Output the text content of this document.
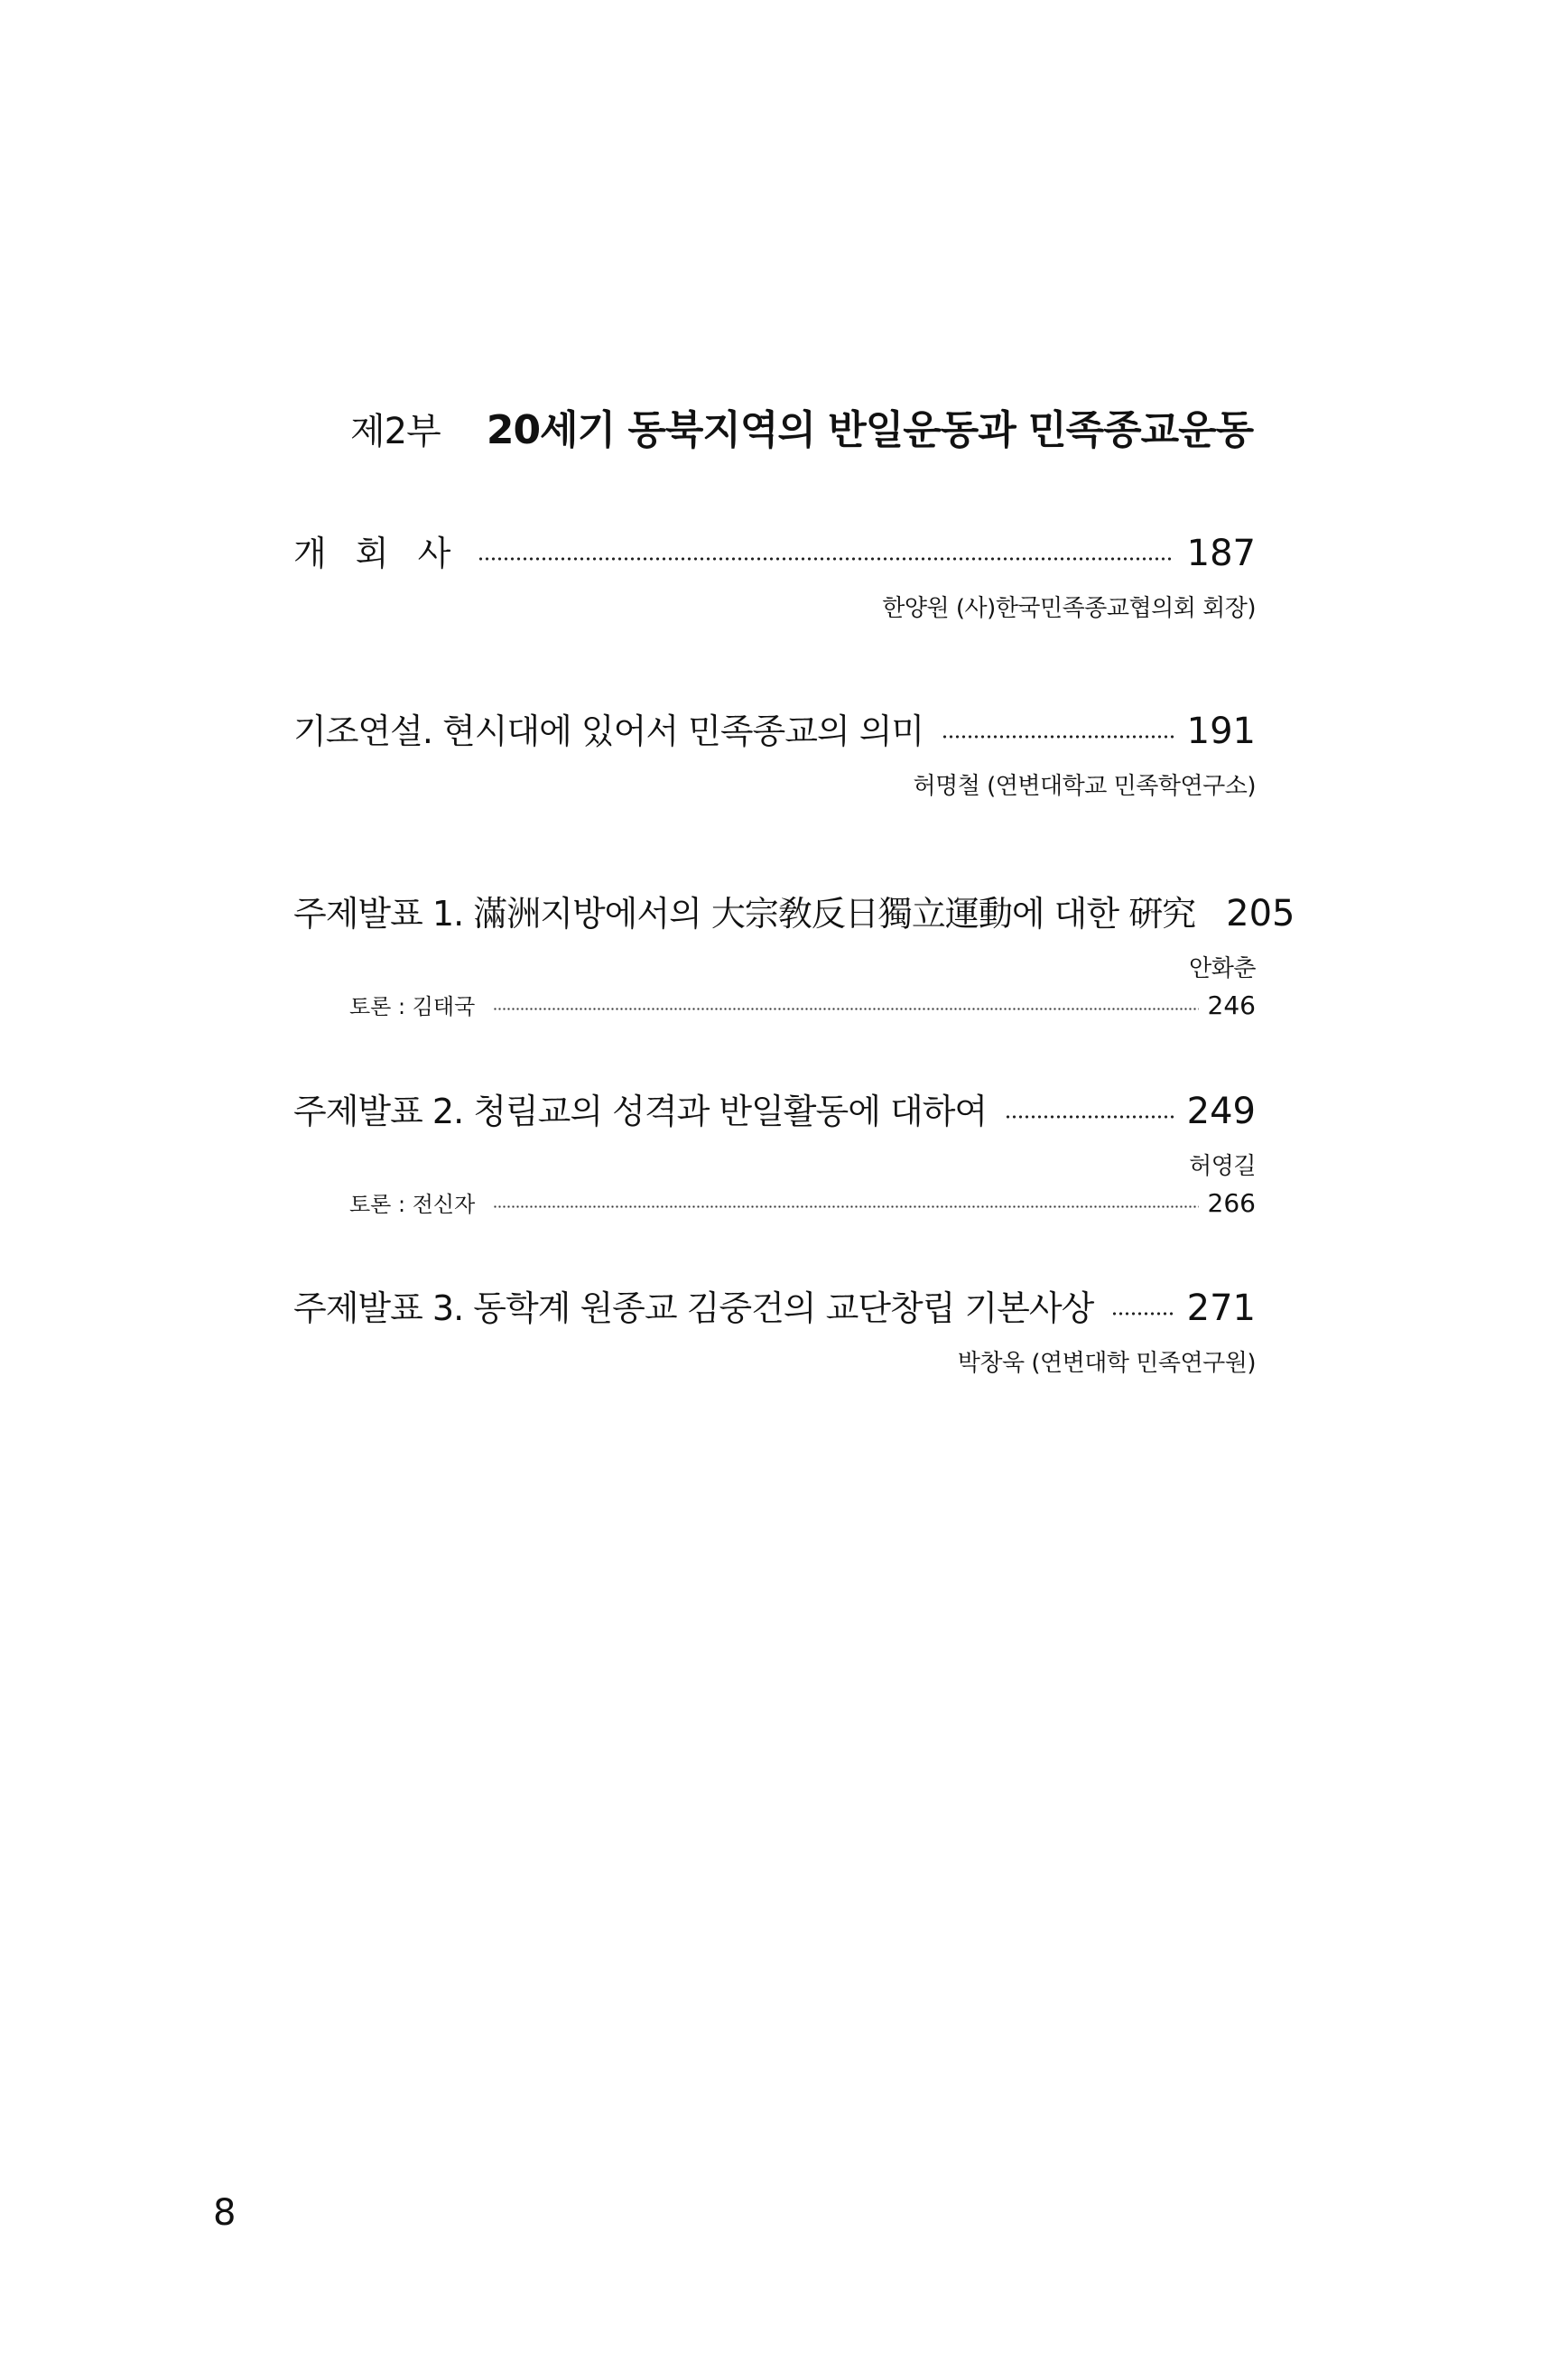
제2부 20세기 동북지역의 반일운동과 민족종교운동
개 회 사	187
한양원 (사)한국민족종교협의회 회장)
기조연설. 현시대에 있어서 민족종교의 의미	191
허명철 (연변대학교 민족학연구소)
주제발표 1. 滿洲지방에서의 大宗敎反日獨立運動에 대한 硏究 205
안화춘
토론 : 김태국	246
주제발표 2. 청림교의 성격과 반일활동에 대하여	249
허영길
토론 : 전신자	266
주제발표 3. 동학계 원종교 김중건의 교단창립 기본사상	271
박창욱 (연변대학 민족연구원)
8
